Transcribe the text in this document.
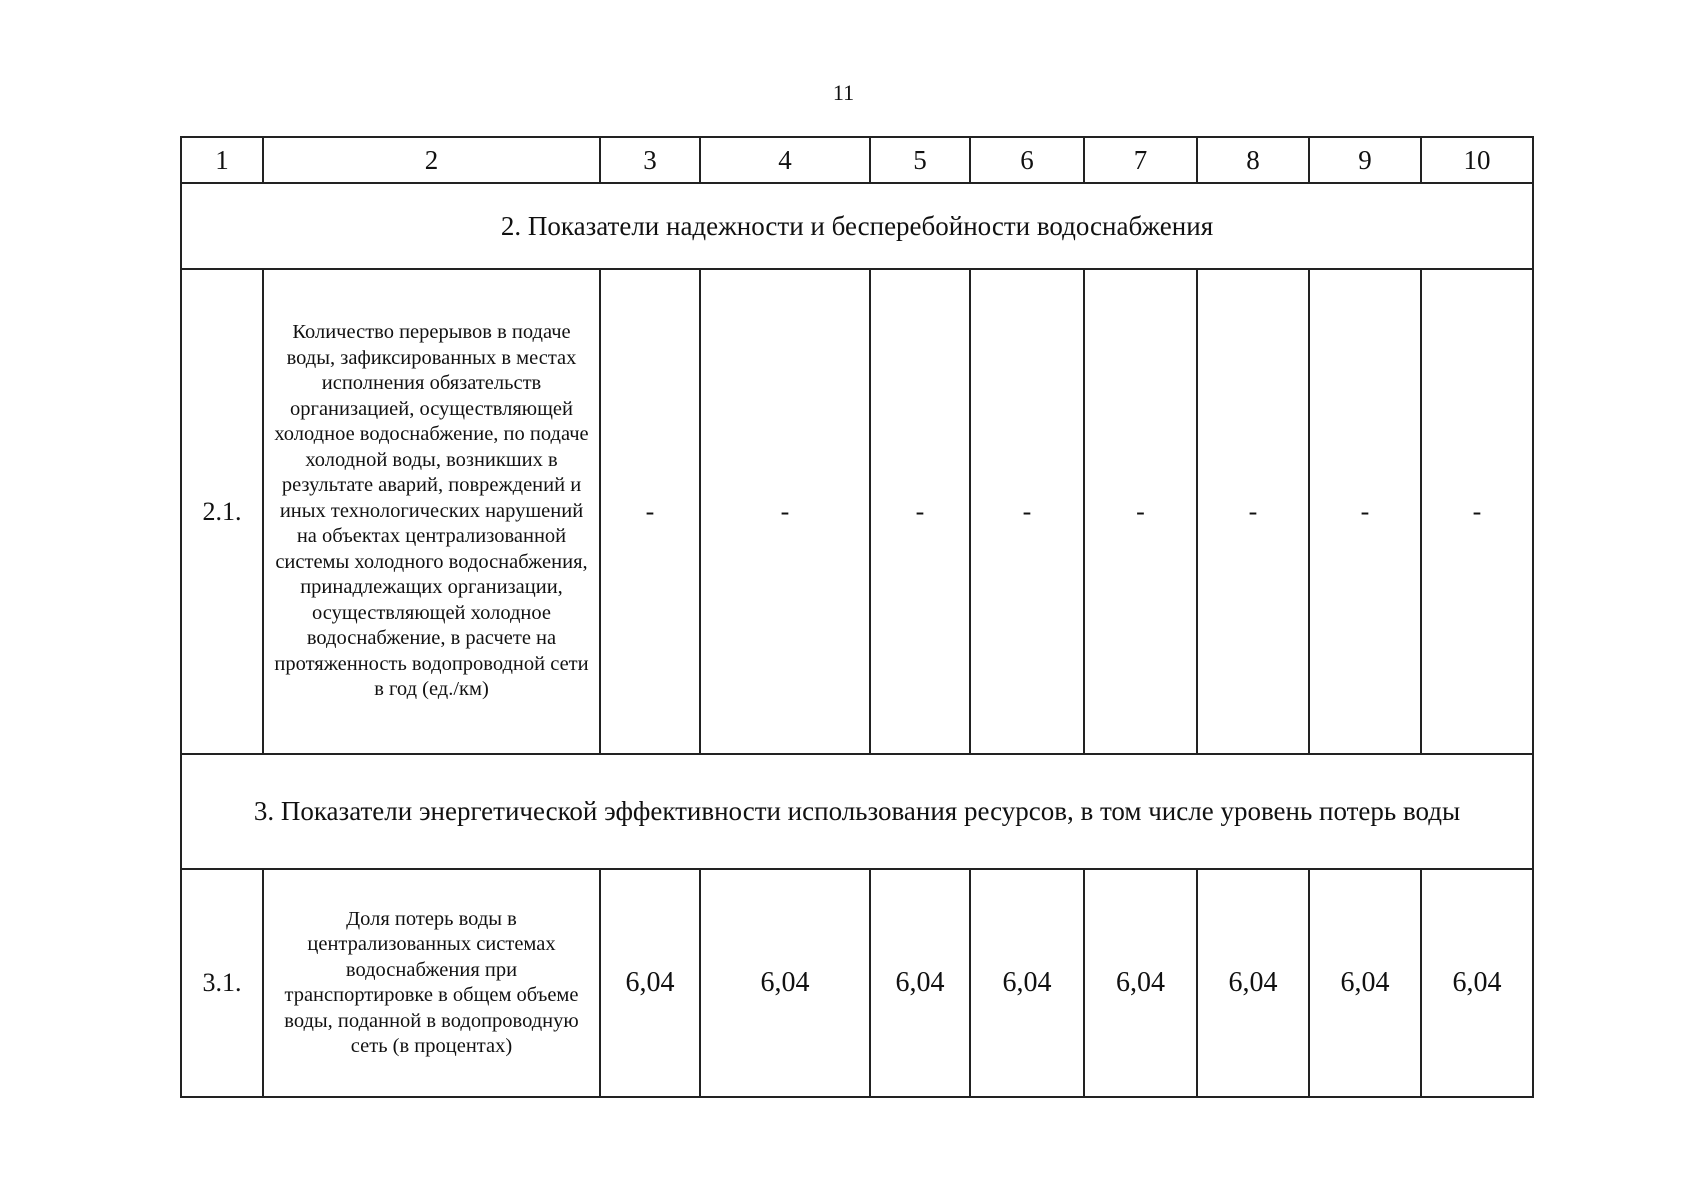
11
1	2	3	4	5	6	7	8	9	10
2. Показатели надежности и бесперебойности водоснабжения									
2.1.	Количество перерывов в подаче воды, зафиксированных в местах исполнения обязательств организацией, осуществляющей холодное водоснабжение, по подаче холодной воды, возникших в результате аварий, повреждений и иных технологических нарушений на объектах централизованной системы холодного водоснабжения, принадлежащих организации, осуществляющей холодное водоснабжение, в расчете на протяженность водопроводной сети в год (ед./км)	-	-	-	-	-	-	-	-
3. Показатели энергетической эффективности использования ресурсов, в том числе уровень потерь воды									
3.1.	Доля потерь воды в централизованных системах водоснабжения при транспортировке в общем объеме воды, поданной в водопроводную сеть (в процентах)	6,04	6,04	6,04	6,04	6,04	6,04	6,04	6,04
